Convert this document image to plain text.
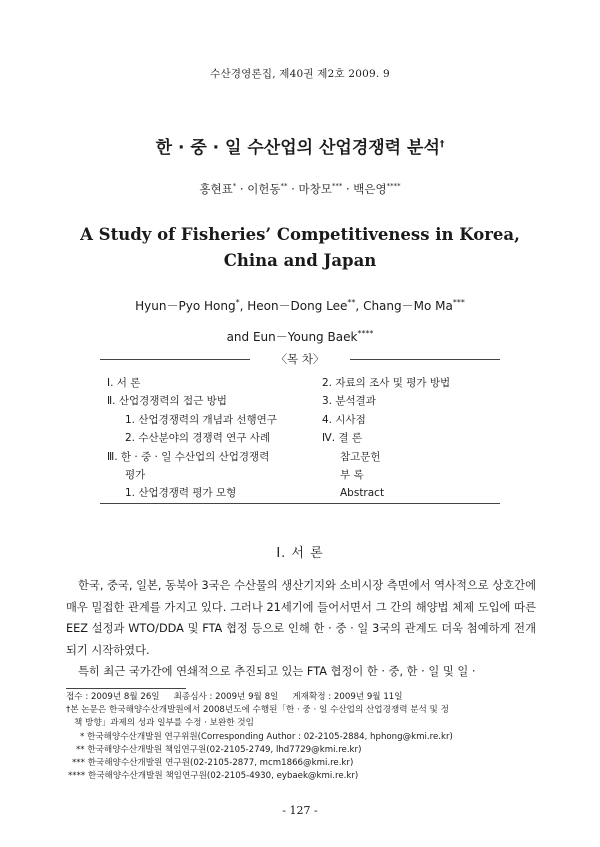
수산경영론집, 제40권 제2호 2009. 9
한 · 중 · 일 수산업의 산업경쟁력 분석†
홍현표* · 이헌동** · 마창모*** · 백은영****
A Study of Fisheries’ Competitiveness in Korea,
China and Japan
Hyun－Pyo Hong*, Heon－Dong Lee**, Chang－Mo Ma***
and Eun－Young Baek****
〈목 차〉
Ⅰ. 서 론
Ⅱ. 산업경쟁력의 접근 방법
1. 산업경쟁력의 개념과 선행연구
2. 수산분야의 경쟁력 연구 사례
Ⅲ. 한 · 중 · 일 수산업의 산업경쟁력
평가
1. 산업경쟁력 평가 모형
2. 자료의 조사 및 평가 방법
3. 분석결과
4. 시사점
Ⅳ. 결 론
참고문헌
부 록
Abstract
Ⅰ. 서 론

한국, 중국, 일본, 동북아 3국은 수산물의 생산기지와 소비시장 측면에서 역사적으로 상호간에 매우 밀접한 관계를 가지고 있다. 그러나 21세기에 들어서면서 그 간의 해양법 체제 도입에 따른 EEZ 설정과 WTO/DDA 및 FTA 협정 등으로 인해 한 · 중 · 일 3국의 관계도 더욱 첨예하게 전개되기 시작하였다.

특히 최근 국가간에 연쇄적으로 추진되고 있는 FTA 협정이 한 · 중, 한 · 일 및 일 ·

접수 : 2009년 8월 26일 최종심사 : 2009년 9월 8일 게재확정 : 2009년 9월 11일
†본 논문은 한국해양수산개발원에서 2008년도에 수행된「한 · 중 · 일 수산업의 산업경쟁력 분석 및 정
책 방향」과제의 성과 일부를 수정 · 보완한 것임
* 한국해양수산개발원 연구위원(Corresponding Author : 02-2105-2884, hphong@kmi.re.kr)
** 한국해양수산개발원 책임연구원(02-2105-2749, lhd7729@kmi.re.kr)
*** 한국해양수산개발원 연구원(02-2105-2877, mcm1866@kmi.re.kr)
**** 한국해양수산개발원 책임연구원(02-2105-4930, eybaek@kmi.re.kr)
- 127 -
